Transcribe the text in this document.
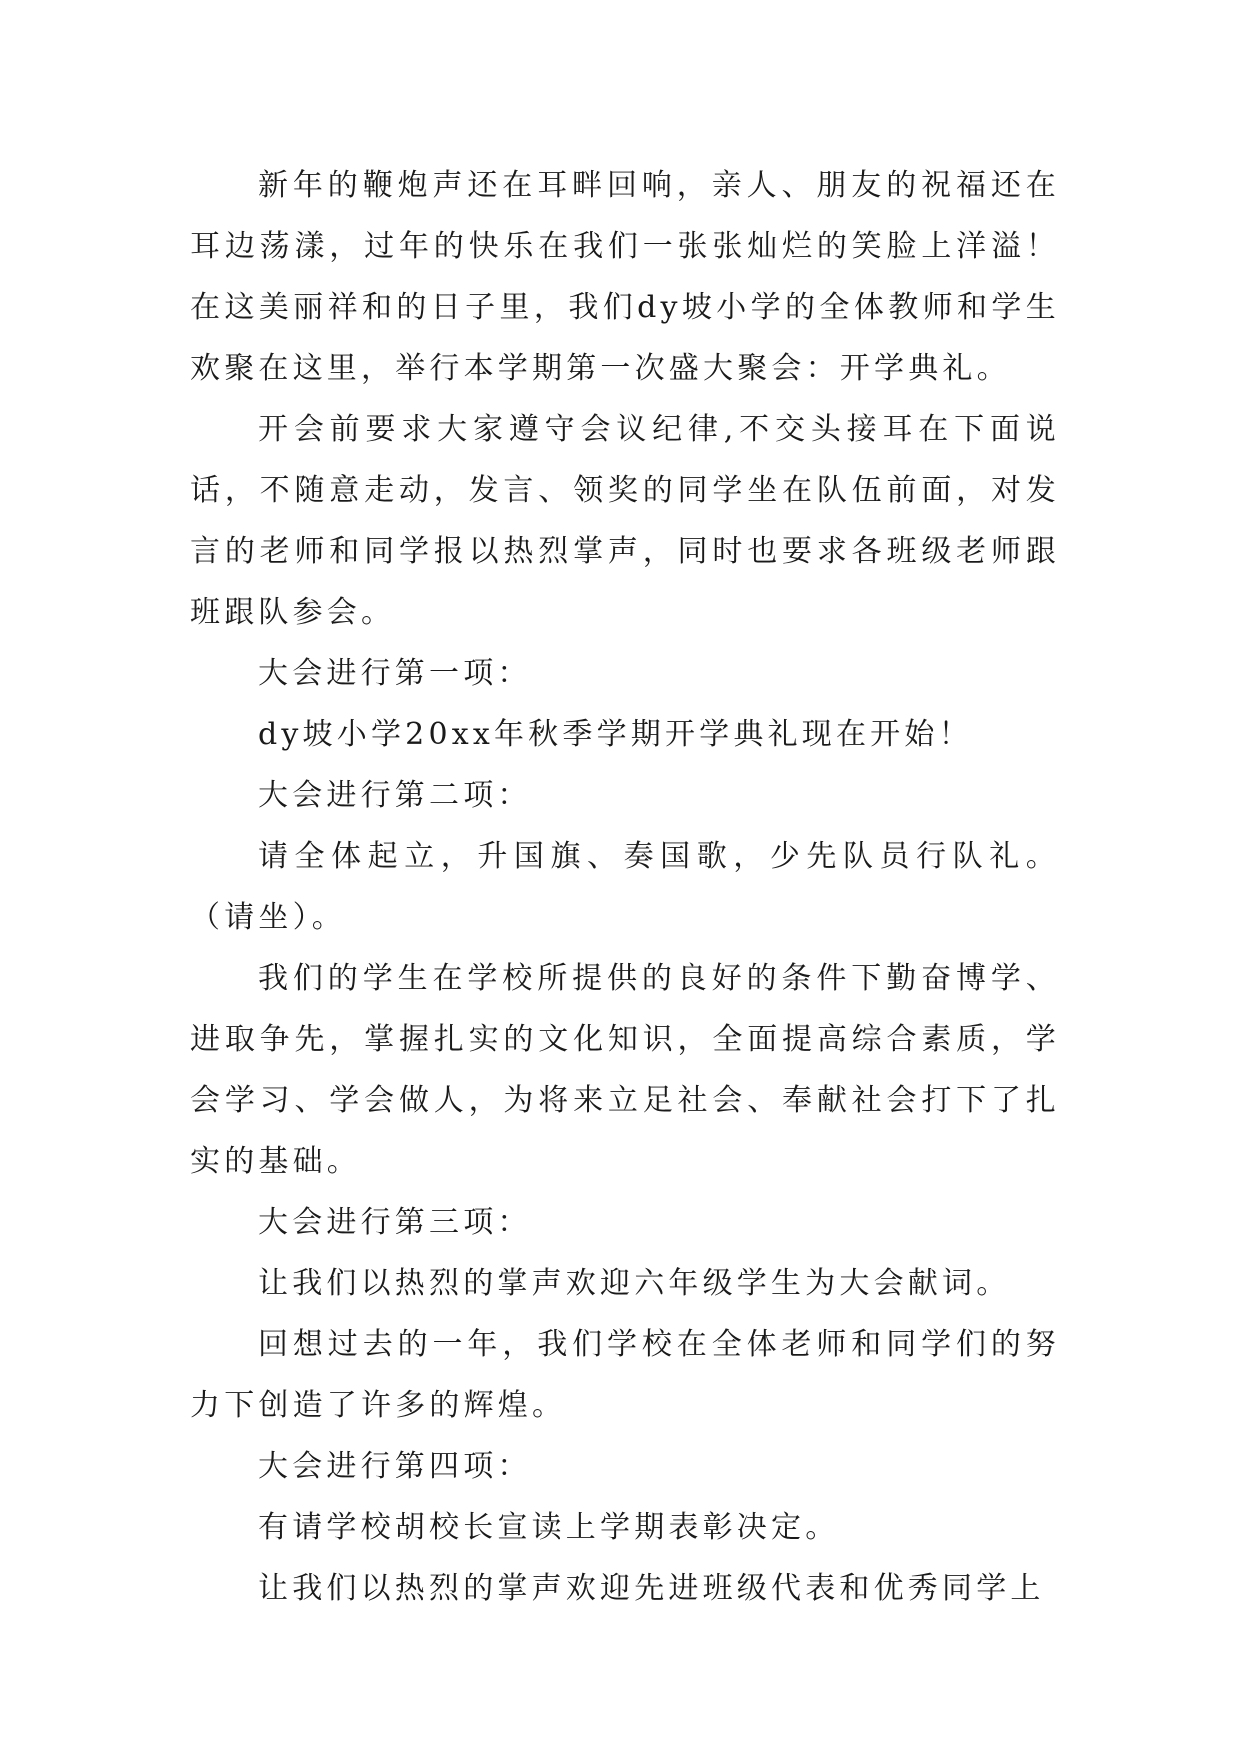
新年的鞭炮声还在耳畔回响，亲人、朋友的祝福还在耳边荡漾，过年的快乐在我们一张张灿烂的笑脸上洋溢！在这美丽祥和的日子里，我们dy坡小学的全体教师和学生欢聚在这里，举行本学期第一次盛大聚会：开学典礼。

开会前要求大家遵守会议纪律,不交头接耳在下面说话，不随意走动，发言、领奖的同学坐在队伍前面，对发言的老师和同学报以热烈掌声，同时也要求各班级老师跟班跟队参会。

大会进行第一项：

dy坡小学20xx年秋季学期开学典礼现在开始！

大会进行第二项：

请全体起立，升国旗、奏国歌，少先队员行队礼。（请坐）。

我们的学生在学校所提供的良好的条件下勤奋博学、进取争先，掌握扎实的文化知识，全面提高综合素质，学会学习、学会做人，为将来立足社会、奉献社会打下了扎实的基础。

大会进行第三项：

让我们以热烈的掌声欢迎六年级学生为大会献词。

回想过去的一年，我们学校在全体老师和同学们的努力下创造了许多的辉煌。

大会进行第四项：

有请学校胡校长宣读上学期表彰决定。

让我们以热烈的掌声欢迎先进班级代表和优秀同学上
